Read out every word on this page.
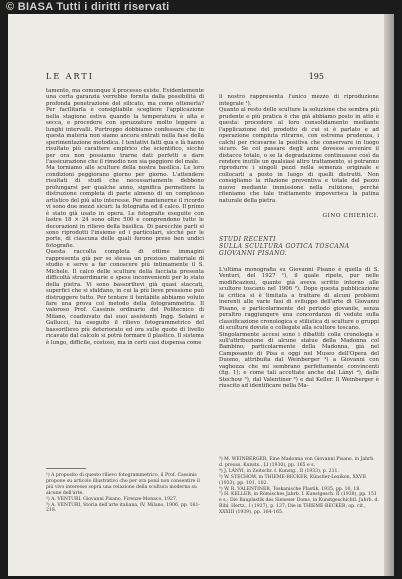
© BIASA Tutti i diritti riservati
LE ARTI	195
tamento, ma comunque il processo esiste. Evidentemente una certa garanzia verrebbe fornita dalla possibilità di profonda penetrazione del silicato, ma come ottenerla? Per facilitarla è consigliabile scegliere l'applicazione nella stagione estiva quando la temperatura è alta e secca, e procedere con spruzzature molto leggere a lunghi intervalli. Purtroppo dobbiamo confessare che in questa materia non siamo ancora entrati nella fase della sperimentazione metodica. I tentativi fatti qua e là hanno risultato più carattere empirico che scientifico, sicché per ora non possiamo trarne dati perfetti e dare l'assicurazione che il rimedio non sia peggiore del male.
Ma torniamo alle sculture della nostra basilica. Le loro condizioni peggiorano giorno per giorno. L'attendere risultati di studi che necessariamente debbono prolungarsi per qualche anno, significa permettere la distruzione completa di parte almeno di un complesso artistico del più alto interesse. Per mantenerne il ricordo vi sono due mezzi sicuri: la fotografia ed il calco. Il primo è stato già usato in opera. Le fotografie eseguite con lastre 18 × 24 sono oltre 500 e comprendono tutte le decorazioni in rilievo della basilica. Di parecchie parti si sono riprodotti l'insieme ed i particolari, sicché per le porte, di ciascuna delle quali furono prese ben undici fotografie.
Questa raccolta completa di ottime immagini rappresenta già per se stessa un prezioso materiale di studio e serve a far conoscere più intimamente il S. Michele. Il calco delle sculture della facciata presenta difficoltà straordinarie e spese inconvenienti per lo stato della pietra. Vi sono bassorilievi già quasi staccati, superfici che si sfaldano, in cui la più lieve pressione può distruggere tutto. Per tentare il tentabile abbiamo voluto fare una prova col metodo della fotogrammetria. Il valoroso Prof. Cassinis ordinario del Politecnico di Milano, coadiuvato dai suoi assistenti Ingg. Solaini e Gallucci, ha eseguito il rilievo fotogrammetrico del bassorilievo più deteriorato ed ora sulle quote di livello ricavate dal calcolo si potrà formare il plastico. Il sistema è lungo, difficile, costoso, ma in certi casi dispensa come

il nostro rappresenta l'unico mezzo di riproduzione integrale ¹).
Quanto al resto delle sculture la soluzione che sembra più prudente e più pratica è che già abbiamo posto in atto è questa: procedere al loro consolidamento mediante l'applicazione del prodotto di cui si è parlato e ad operazione compiuta ritrarne, con estrema prudenza, i calchi per ricavarne la positiva che conservare in luogo sicuro. Se col passare degli anni dovesse avvenire il distacco totale, o se la degradazione continuasse così da rendere inutile un qualsiasi altro trattamento, si potranno riprodurre i singoli pezzi nella semenza originale e collocarli a posto in luogo di quelli distrutti. Non consigliamo la rifazione preventiva e totale del pezzo nuovo mediante immissione nella rulizione, perché riteniamo che tale trattamento impoverisca la patina naturale della pietra.

GINO CHIERICI.

STUDI RECENTI
SULLA SCULTURA GOTICA TOSCANA
GIOVANNI PISANO.

L'ultima monografia su Giovanni Pisano è quella di S. Venturi, del 1927 ¹), il quale ripete, pur nelle modificazioni, quante già aveva scritto intorno alle scultore toscano nel 1906 ²). Dopo questa pubblicazione la critica si è limitata a trattare di alcuni problemi inerenti alle varie fasi di sviluppo dell'arte di Giovanni Pisano, e particolarmente del periodo giovanile, senza peraltro raggiungere una concordanza di vedute sulla classificazione cronologica e stilistica di sculture o gruppi di sculture dovute o collegate alla scultore toscano.
Singolarmente accesi sono i dibattiti colla cronologia e sull'attribuzione di alcune statue della Madonna col Bambino; particolarmente della Madonna, già nel Camposanto di Pisa e oggi nel Museo dell'Opera del Duomo, attribuita dal Weinberger ³) a Giovanni con vaghezza che mi sembrano perfettamente convincenti (fig. 1); e come tali accettate anche dal Lányi ⁴), dalle Stechow ⁵), dal Valentiner ⁶) e dal Keller. Il Weinberger è riuscito ad identificare nella Ma-

¹) A proposito di questo rilievo fotogrammetrico, il Prof. Cassinis propone su articolo illustrativo che per ora ponii non consentire il più vivo interesse sopra una relazione della scultura moderna su alcune dell'arte.
²) A. VENTURI, Giovanni Pisano, Firenze-Monaco, 1927.
³) A. VENTURI, Storia dell'arte italiana, IV, Milano, 1906, pp. 161-218.
³) M. WEINBERGER, Eine Madonna von Giovanni Pisano, in Jahrb. d. preuss. Kunsts., LI (1930), pp. 165 e s.
⁴) J. LÁNYI, in Zeitschr. f. Kunstg., II (1933), p. 211.
⁵) W. STECHOW, in THIEME-BECKER, Künstler-Lexikon, XXVII (1933), pp. 101, 102.
⁶) W. R. VALENTINER, Toskanische Plastik, 1935, pp. 16, 18.
⁷) H. KELLER, in Römisches Jahrb. f. Kunstgesch. II (1938), pp. 151 e s.; Die Bauplastik des Sieneser Doms, in Kunstgeschichtl. Jahrb. d. Bibl. Hertz., I (1937), p. 137; Die in THIEME-BECKER, op. cit., XXXIII (1939), pp. 164-165.
